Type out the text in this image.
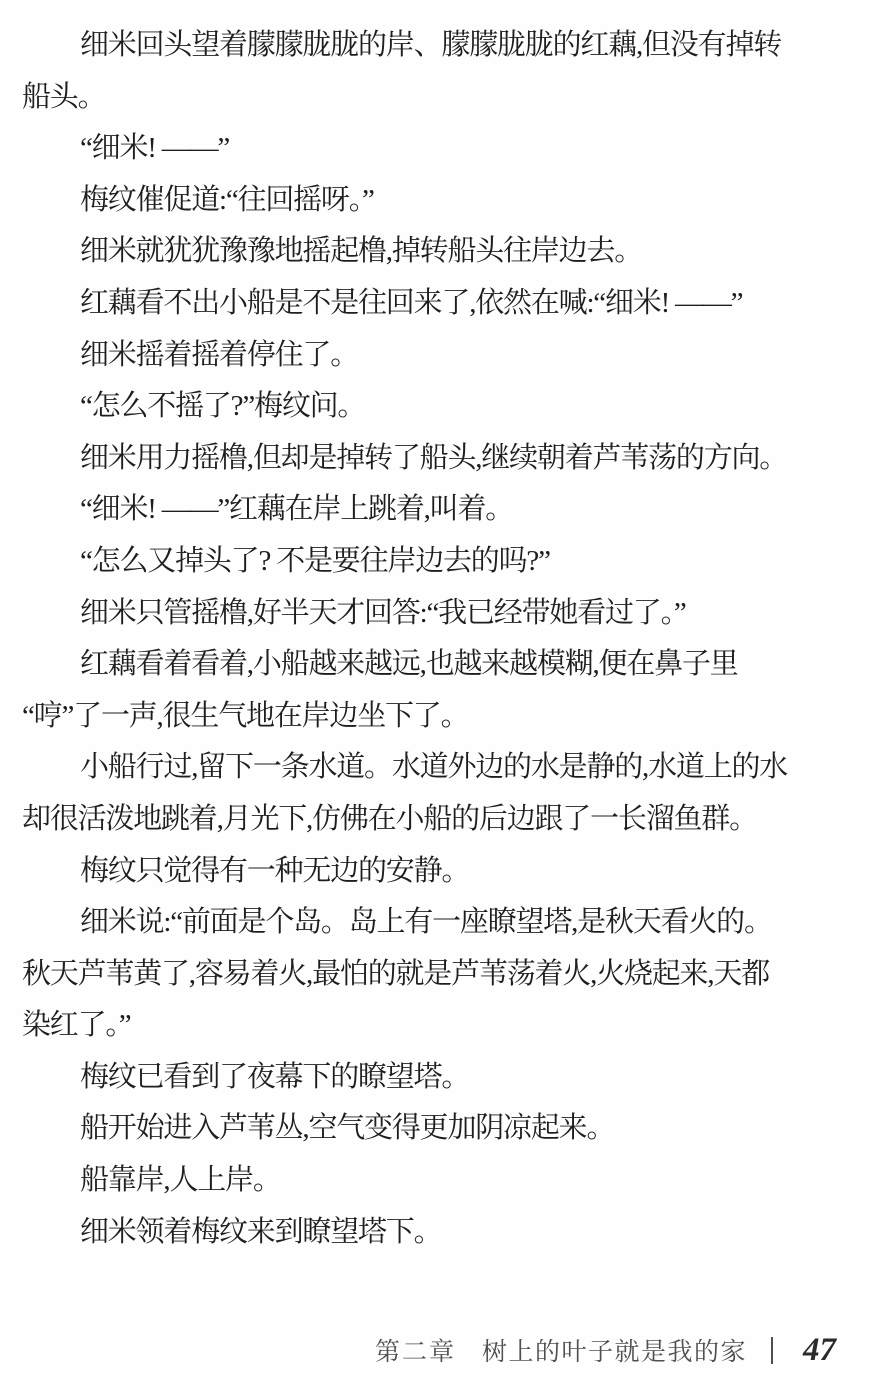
细米回头望着朦朦胧胧的岸、朦朦胧胧的红藕,但没有掉转
船头。
“细米! ——”
梅纹催促道:“往回摇呀。”
细米就犹犹豫豫地摇起橹,掉转船头往岸边去。
红藕看不出小船是不是往回来了,依然在喊:“细米! ——”
细米摇着摇着停住了。
“怎么不摇了?”梅纹问。
细米用力摇橹,但却是掉转了船头,继续朝着芦苇荡的方向。
“细米! ——”红藕在岸上跳着,叫着。
“怎么又掉头了? 不是要往岸边去的吗?”
细米只管摇橹,好半天才回答:“我已经带她看过了。”
红藕看着看着,小船越来越远,也越来越模糊,便在鼻子里
“哼”了一声,很生气地在岸边坐下了。
小船行过,留下一条水道。水道外边的水是静的,水道上的水
却很活泼地跳着,月光下,仿佛在小船的后边跟了一长溜鱼群。
梅纹只觉得有一种无边的安静。
细米说:“前面是个岛。岛上有一座瞭望塔,是秋天看火的。
秋天芦苇黄了,容易着火,最怕的就是芦苇荡着火,火烧起来,天都
染红了。”
梅纹已看到了夜幕下的瞭望塔。
船开始进入芦苇丛,空气变得更加阴凉起来。
船靠岸,人上岸。
细米领着梅纹来到瞭望塔下。
第二章 树上的叶子就是我的家 47
